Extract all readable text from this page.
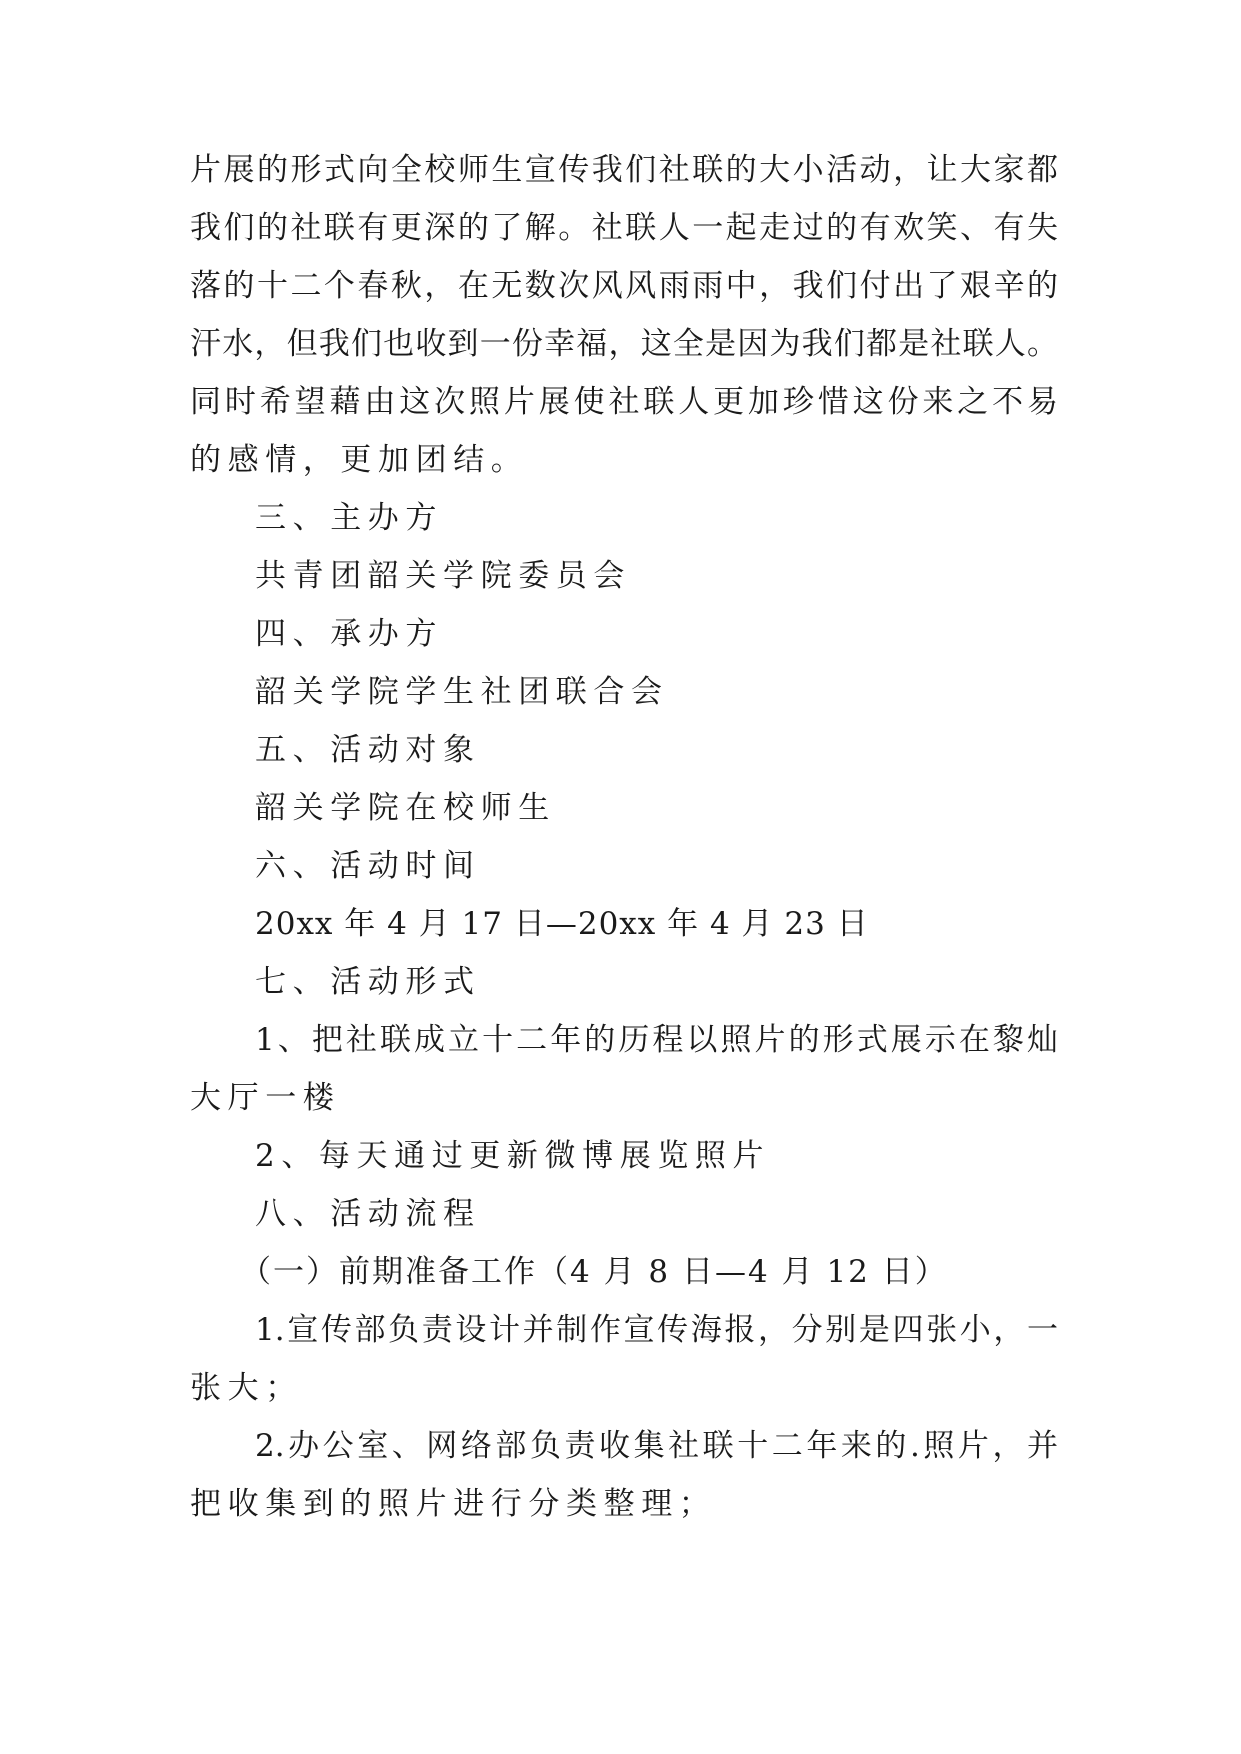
片展的形式向全校师生宣传我们社联的大小活动，让大家都
我们的社联有更深的了解。社联人一起走过的有欢笑、有失
落的十二个春秋，在无数次风风雨雨中，我们付出了艰辛的
汗水，但我们也收到一份幸福，这全是因为我们都是社联人。
同时希望藉由这次照片展使社联人更加珍惜这份来之不易
的感情，更加团结。
三、主办方
共青团韶关学院委员会
四、承办方
韶关学院学生社团联合会
五、活动对象
韶关学院在校师生
六、活动时间
20xx 年 4 月 17 日—20xx 年 4 月 23 日
七、活动形式
1、把社联成立十二年的历程以照片的形式展示在黎灿
大厅一楼
2、每天通过更新微博展览照片
八、活动流程
（一）前期准备工作（4 月 8 日—4 月 12 日）
1.宣传部负责设计并制作宣传海报，分别是四张小，一
张大；
2.办公室、网络部负责收集社联十二年来的.照片，并
把收集到的照片进行分类整理；
